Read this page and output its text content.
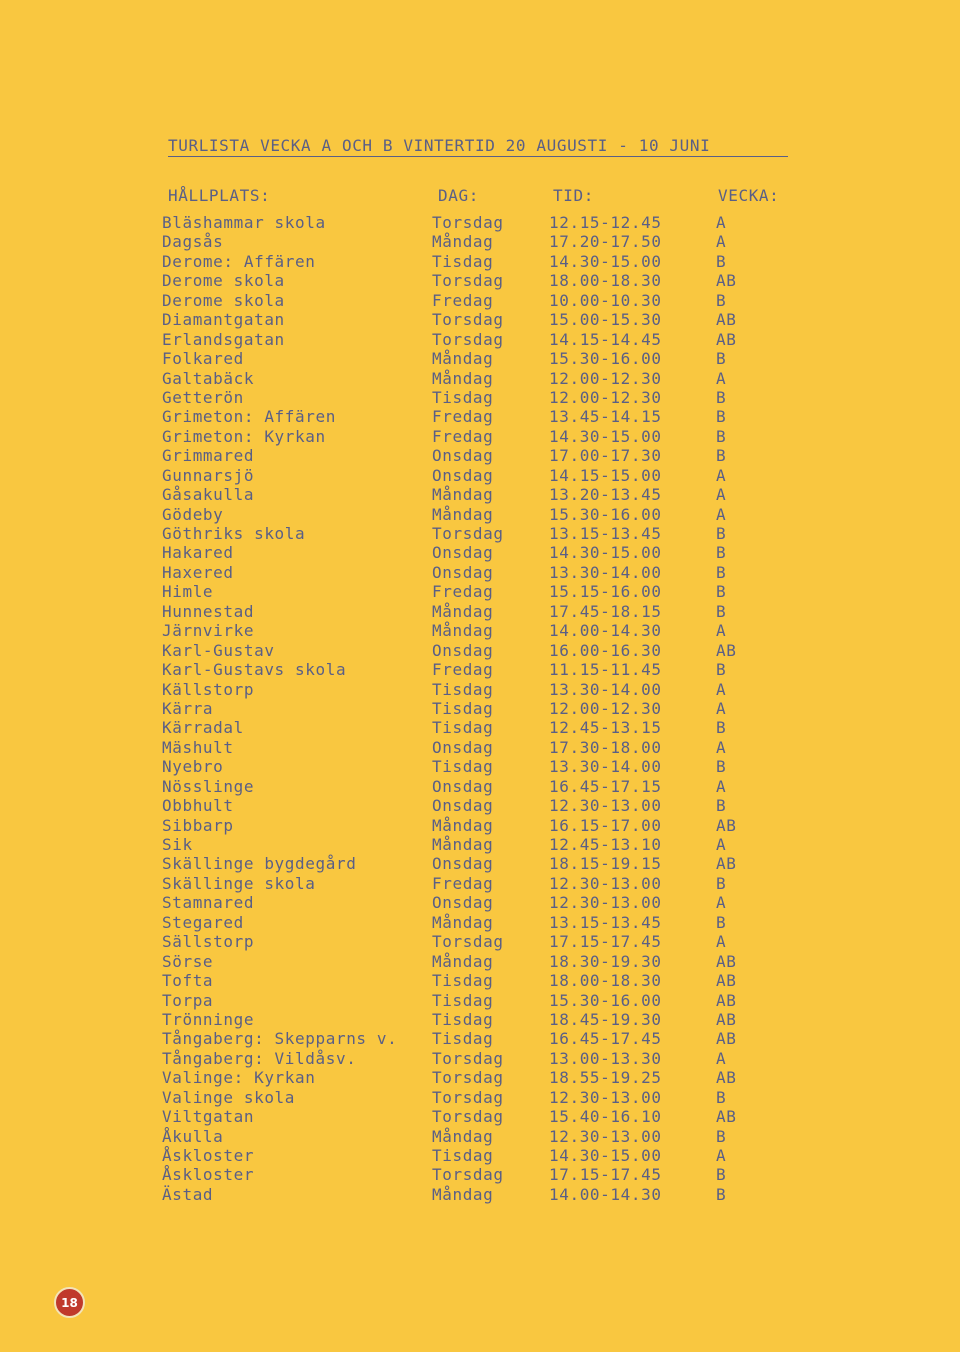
TURLISTA VECKA A OCH B VINTERTID 20 AUGUSTI - 10 JUNI
HÅLLPLATS:	DAG:	TID:	VECKA:
Bläshammar skola	Torsdag	12.15-12.45	A
Dagsås	Måndag	17.20-17.50	A
Derome: Affären	Tisdag	14.30-15.00	B
Derome skola	Torsdag	18.00-18.30	AB
Derome skola	Fredag	10.00-10.30	B
Diamantgatan	Torsdag	15.00-15.30	AB
Erlandsgatan	Torsdag	14.15-14.45	AB
Folkared	Måndag	15.30-16.00	B
Galtabäck	Måndag	12.00-12.30	A
Getterön	Tisdag	12.00-12.30	B
Grimeton: Affären	Fredag	13.45-14.15	B
Grimeton: Kyrkan	Fredag	14.30-15.00	B
Grimmared	Onsdag	17.00-17.30	B
Gunnarsjö	Onsdag	14.15-15.00	A
Gåsakulla	Måndag	13.20-13.45	A
Gödeby	Måndag	15.30-16.00	A
Göthriks skola	Torsdag	13.15-13.45	B
Hakared	Onsdag	14.30-15.00	B
Haxered	Onsdag	13.30-14.00	B
Himle	Fredag	15.15-16.00	B
Hunnestad	Måndag	17.45-18.15	B
Järnvirke	Måndag	14.00-14.30	A
Karl-Gustav	Onsdag	16.00-16.30	AB
Karl-Gustavs skola	Fredag	11.15-11.45	B
Källstorp	Tisdag	13.30-14.00	A
Kärra	Tisdag	12.00-12.30	A
Kärradal	Tisdag	12.45-13.15	B
Mäshult	Onsdag	17.30-18.00	A
Nyebro	Tisdag	13.30-14.00	B
Nösslinge	Onsdag	16.45-17.15	A
Obbhult	Onsdag	12.30-13.00	B
Sibbarp	Måndag	16.15-17.00	AB
Sik	Måndag	12.45-13.10	A
Skällinge bygdegård	Onsdag	18.15-19.15	AB
Skällinge skola	Fredag	12.30-13.00	B
Stamnared	Onsdag	12.30-13.00	A
Stegared	Måndag	13.15-13.45	B
Sällstorp	Torsdag	17.15-17.45	A
Sörse	Måndag	18.30-19.30	AB
Tofta	Tisdag	18.00-18.30	AB
Torpa	Tisdag	15.30-16.00	AB
Trönninge	Tisdag	18.45-19.30	AB
Tångaberg: Skepparns v. Tisdag	16.45-17.45	AB
Tångaberg: Vildåsv.	Torsdag	13.00-13.30	A
Valinge: Kyrkan	Torsdag	18.55-19.25	AB
Valinge skola	Torsdag	12.30-13.00	B
Viltgatan	Torsdag	15.40-16.10	AB
Åkulla	Måndag	12.30-13.00	B
Åskloster	Tisdag	14.30-15.00	A
Åskloster	Torsdag	17.15-17.45	B
Ästad	Måndag	14.00-14.30	B
18
